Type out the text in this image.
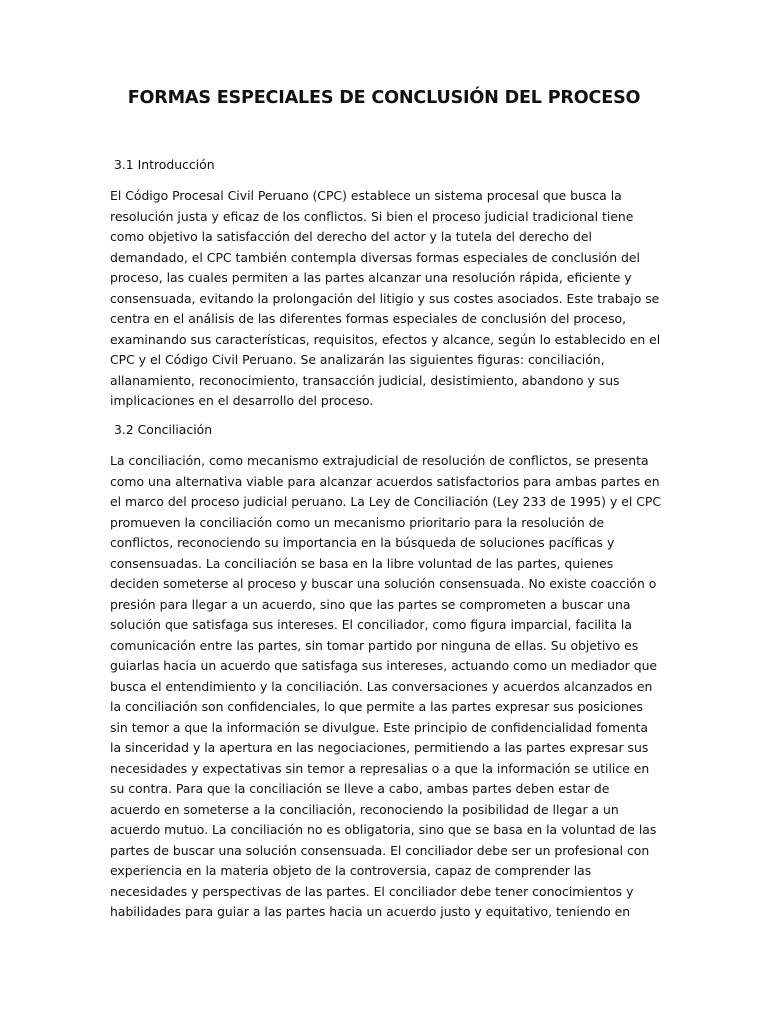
FORMAS ESPECIALES DE CONCLUSIÓN DEL PROCESO
3.1 Introducción
El Código Procesal Civil Peruano (CPC) establece un sistema procesal que busca la
resolución justa y eficaz de los conflictos. Si bien el proceso judicial tradicional tiene
como objetivo la satisfacción del derecho del actor y la tutela del derecho del
demandado, el CPC también contempla diversas formas especiales de conclusión del
proceso, las cuales permiten a las partes alcanzar una resolución rápida, eficiente y
consensuada, evitando la prolongación del litigio y sus costes asociados. Este trabajo se
centra en el análisis de las diferentes formas especiales de conclusión del proceso,
examinando sus características, requisitos, efectos y alcance, según lo establecido en el
CPC y el Código Civil Peruano. Se analizarán las siguientes figuras: conciliación,
allanamiento, reconocimiento, transacción judicial, desistimiento, abandono y sus
implicaciones en el desarrollo del proceso.
3.2 Conciliación
La conciliación, como mecanismo extrajudicial de resolución de conflictos, se presenta
como una alternativa viable para alcanzar acuerdos satisfactorios para ambas partes en
el marco del proceso judicial peruano. La Ley de Conciliación (Ley 233 de 1995) y el CPC
promueven la conciliación como un mecanismo prioritario para la resolución de
conflictos, reconociendo su importancia en la búsqueda de soluciones pacíficas y
consensuadas. La conciliación se basa en la libre voluntad de las partes, quienes
deciden someterse al proceso y buscar una solución consensuada. No existe coacción o
presión para llegar a un acuerdo, sino que las partes se comprometen a buscar una
solución que satisfaga sus intereses. El conciliador, como figura imparcial, facilita la
comunicación entre las partes, sin tomar partido por ninguna de ellas. Su objetivo es
guiarlas hacia un acuerdo que satisfaga sus intereses, actuando como un mediador que
busca el entendimiento y la conciliación. Las conversaciones y acuerdos alcanzados en
la conciliación son confidenciales, lo que permite a las partes expresar sus posiciones
sin temor a que la información se divulgue. Este principio de confidencialidad fomenta
la sinceridad y la apertura en las negociaciones, permitiendo a las partes expresar sus
necesidades y expectativas sin temor a represalias o a que la información se utilice en
su contra. Para que la conciliación se lleve a cabo, ambas partes deben estar de
acuerdo en someterse a la conciliación, reconociendo la posibilidad de llegar a un
acuerdo mutuo. La conciliación no es obligatoria, sino que se basa en la voluntad de las
partes de buscar una solución consensuada. El conciliador debe ser un profesional con
experiencia en la materia objeto de la controversia, capaz de comprender las
necesidades y perspectivas de las partes. El conciliador debe tener conocimientos y
habilidades para guiar a las partes hacia un acuerdo justo y equitativo, teniendo en
